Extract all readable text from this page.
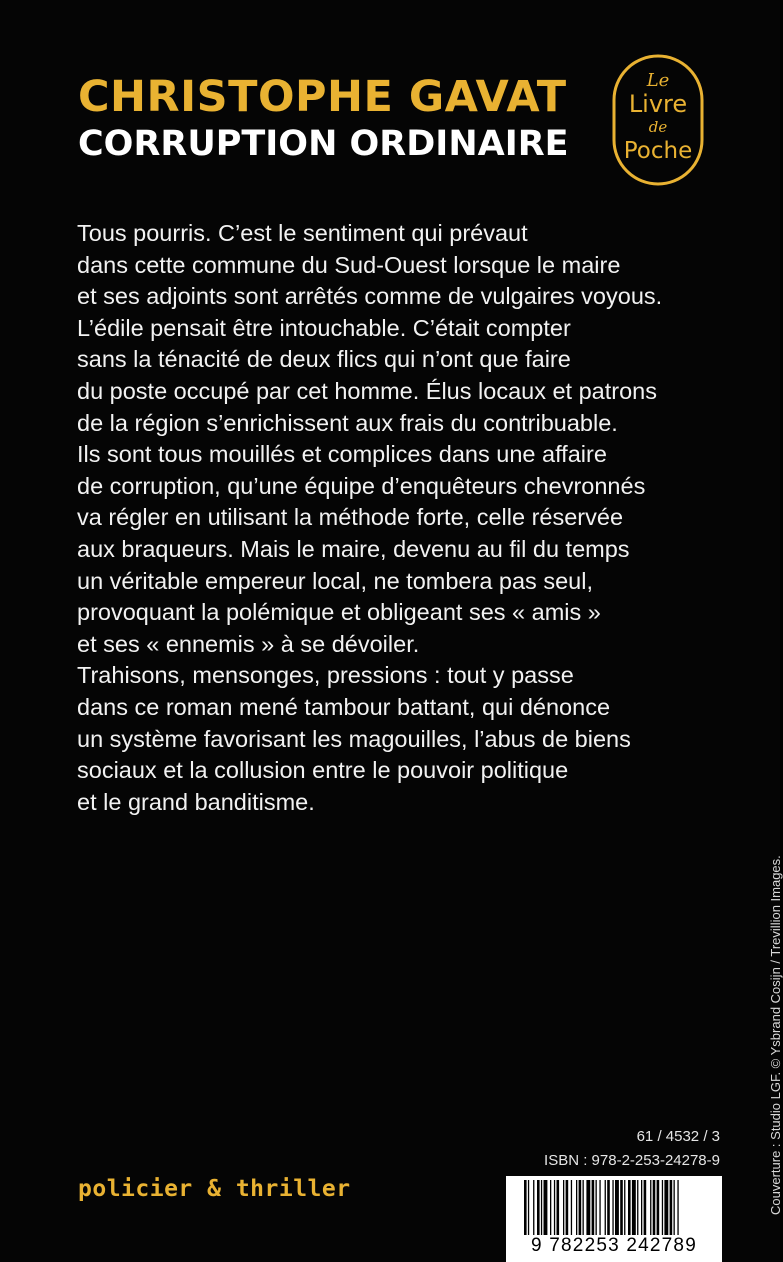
CHRISTOPHE GAVAT
CORRUPTION ORDINAIRE
Le
Livre
de
Poche
Tous pourris. C’est le sentiment qui prévaut
dans cette commune du Sud-Ouest lorsque le maire
et ses adjoints sont arrêtés comme de vulgaires voyous.
L’édile pensait être intouchable. C’était compter
sans la ténacité de deux flics qui n’ont que faire
du poste occupé par cet homme. Élus locaux et patrons
de la région s’enrichissent aux frais du contribuable.
Ils sont tous mouillés et complices dans une affaire
de corruption, qu’une équipe d’enquêteurs chevronnés
va régler en utilisant la méthode forte, celle réservée
aux braqueurs. Mais le maire, devenu au fil du temps
un véritable empereur local, ne tombera pas seul,
provoquant la polémique et obligeant ses « amis »
et ses « ennemis » à se dévoiler.
Trahisons, mensonges, pressions : tout y passe
dans ce roman mené tambour battant, qui dénonce
un système favorisant les magouilles, l’abus de biens
sociaux et la collusion entre le pouvoir politique
et le grand banditisme.
Couverture : Studio LGF. © Ysbrand Cosijn / Trevillion Images.
61 / 4532 / 3
ISBN : 978-2-253-24278-9
policier & thriller
9 782253 242789
